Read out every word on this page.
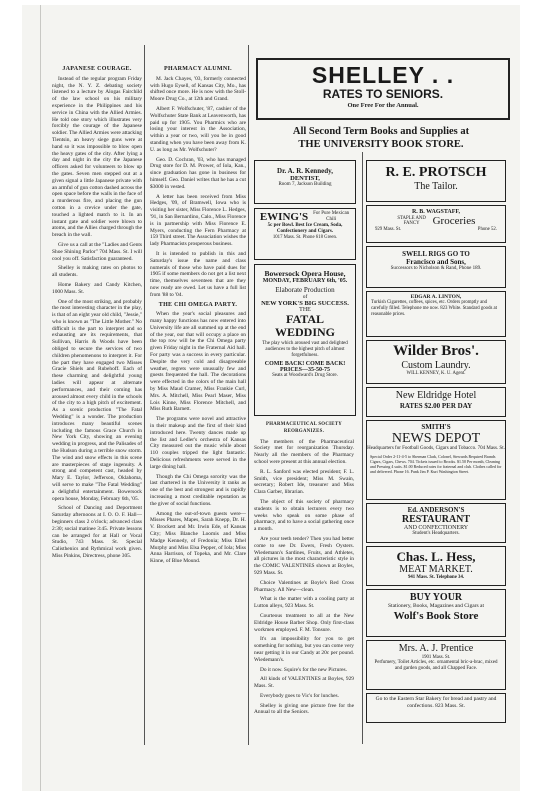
JAPANESE COURAGE.

Instead of the regular program Friday night, the N. Y. Z. debating society listened to a lecture by Alogas Fairchild of the law school on his military experience in the Philippines and his service in China with the Allied Armies. He told one story which illustrates very forcibly the courage of the Japanese soldier. The Allied Armies were attacking Tientsin, an heavy siege guns were at hand so it was impossible to blow open the heavy gates of the city. After lying a day and night in the city the Japanese officers asked for volunteers to blow up the gates. Seven men stepped out at a given signal a little Japanese private with an armful of gun cotton dashed across the open space before the walls in the face of a murderous fire, and placing the gun cotton in a crevice under the gate, touched a lighted match to it. In an instant gate and soldier were blown to atoms, and the Allies charged through the breach in the wall.

Give us a call at the "Ladies and Gents Shoe Shining Parlor" 704 Mass. St. I will cool you off. Satisfaction guaranteed.

Shelley is making rates on photos to all students.

Home Bakery and Candy Kitchen, 1000 Mass. St.

One of the most striking, and probably the most interesting character in the play, is that of an eight year old child, "Jessie," who is known as "The Little Mother." No difficult is the part to interpret and so exhausting are its requirements, that Sullivan, Harris & Woods have been obliged to secure the services of two children phenomenons to interpret it. For the part they have engaged two Misses Gracie Shiels and Rubehoff. Each of these charming and delightful young ladies will appear at alternate performances, and their coming has aroused almost every child in the schools of the city to a high pitch of excitement. As a scenic production "The Fatal Wedding" is a wonder. The production introduces many beautiful scenes including the famous Grace Church in New York City, showing an evening wedding in progress, and the Palisades of the Hudson during a terrible snow storm. The wind and snow effects in this scene are masterpieces of stage ingenuity. A strong and competent cast, headed by Mary E. Taylor, Jefferson, Oklahoma, will serve to make "The Fatal Wedding" a delightful entertainment. Bowersock opera house, Monday, February 6th, '05.

School of Dancing and Deportment Saturday afternoons at I. O. O. F. Hall—beginners class 2 o'clock; advanced class 2:30; social matinee 3:45. Private lessons can be arranged for at Hall or Vocal Studio, 743 Mass. St. Special Calisthenics and Rythmical work given. Miss Pinkins, Directress, phone 305.

PHARMACY ALUMNI.

M. Jack Chayes, '03, formerly connected with Hugo Eysell, of Kansas City, Mo., has shifted once more. He is now with the Stoll-Moore Drug Co., at 12th and Grand.

Albert F. Wolfschuter, '87, cashier of the Wolfschuter State Bank at Leavenworth, has paid up for 1905. You Pharmics who are losing your interest in the Association, within a year or two, will you be in good standing when you have been away from K. U. as long as Mr. Wolfschuter?

Geo. D. Cochran, '03, who has managed Drug store for D. M. Prower, of Iola, Kan., since graduation has gone in business for himself. Geo. Daniel writes that he has a cut $3000 in vested.

A letter has been received from Miss Hedges, '09, of Bramwell, Iowa who is visiting her sister, Miss Florence L. Hedges, '91, in San Bernardino, Calo., Miss Florence is in partnership with Miss Florence E. Myers, conducting the Fern Pharmacy at 159 Third street. The Association wishes the lady Pharmacists prosperous business.

It is intended to publish in this and Saturday's issue the name and class numerals of those who have paid dues for 1905 if some members do not get a list next time, themselves seventeen that are they now ready are owed. Let us have a full list from '88 to '04.

THE CHI OMEGA PARTY.

When the year's social pleasures and many happy functions has now entered into University life are all summed up at the end of the year, our that will occupy a place on the top row will be the Chi Omega party given Friday night in the Fraternal Aid hall. For party was a success in every particular. Despite the very cold and disagreeable weather, regrets were unusually few and guests frequented the hall. The decorations were effected in the colors of the main hall by Miss Maud Cramer, Miss Frankie Curl, Mrs. A. Mitchell, Miss Pearl Maser, Miss Lois Kinne, Miss Florence Mitchell, and Miss Ruth Barnett.

The programs were novel and attractive in their makeup and the first of their kind introduced here. Twenty dances made up the list and Ledler's orchestra of Kansas City measured out the music while about 110 couples tripped the light fantastic. Delicious refreshments were served in the large dining hall.

Though the Chi Omega sorority was the last chartered in the University it ranks as one of the best and strongest and is rapidly increasing a most creditable reputation as the giver of social functions.

Among the out-of-town guests were—Misses Phares, Mapes, Sarah Knepp, Dr. H. V. Brockett and Mr. Irwin Ede, of Kansas City; Miss Blanche Loomis and Miss Madge Kennedy, of Fredonia; Miss Ethel Murphy and Miss Elsa Pepper, of Iola; Miss Anna Harrison, of Topeka, and Mr. Clare Kinne, of Blue Mound.

SHELLEY . .
RATES TO SENIORS.
One Free For the Annual.
All Second Term Books and Supplies at
THE UNIVERSITY BOOK STORE.
Dr. A. R. Kennedy,
DENTIST,
Room 7, Jackson Building
EWING'S For Pure Mexican Chili
5c per Bowl. Best Ice Cream, Soda, Confectionery and Cigars.
1017 Mass. St. Phone 618 Green.
Bowersock Opera House,
MONDAY, FEBRUARY 6th, '05.
Elaborate Production
of
NEW YORK'S BIG SUCCESS.
THE
FATAL WEDDING
The play which aroused vast and delighted audiences to the highest pitch of almost forgetfulness.
COME BACK! COME BACK!
PRICES—35-50-75
Seats at Woodward's Drug Store.
PHARMACEUTICAL SOCIETY REORGANIZES.

The members of the Pharmaceutical Society met for reorganization Thursday. Nearly all the members of the Pharmacy school were present at this annual election.

R. L. Sanford was elected president; F. L. Smith, vice president; Miss M. Swain, secretary; Robert Ide, treasurer and Miss Clara Garber, librarian.

The object of this society of pharmacy students is to obtain lecturers every two weeks who speak on some phase of pharmacy, and to have a social gathering once a month.

Are your teeth tender? Then you had better come to see Dr. Ewers, Fresh Oysters. Wiedemann's Sardines, Fruits, and Athletes, all pictures in the most characteristic style in the COMIC VALENTINES shown at Boyles, 929 Mass. St.

Choice Valentines at Boyle's Red Cross Pharmacy. All New—clean.

What is the matter with a cooling party at Lutton alleys, 923 Mass. St.

Courteous treatment to all at the New Eldridge House Barber Shop. Only first-class workmen employed. F. M. Tonsure.

It's an impossibility for you to get something for nothing, but you can come very near getting it in our Candy at 20c per pound. Wiedemann's.

Do it now. Squire's for the new Pictures.

All kinds of VALENTINES at Boyles, 929 Mass. St.

Everybody goes to Vic's for lunches.

Shelley is giving one picture free for the Annual to all the Seniors.

R. E. PROTSCH
The Tailor.
R. B. WAGSTAFF,
STAPLE AND FANCY	Groceries
929 Mass. St.	Phone 52.
SWELL RIGS GO TO
Francisco and Sons,
Successors to Nicholson & Rand, Phone 189.
EDGAR A. LINTON,
Turkish Cigarettes, coffees, spices, etc. Orders promptly and carefully filled. Telephone me now. 823 White. Standard goods at reasonable prices.
Wilder Bros'.
Custom Laundry.
WILL KENNEY, K. U. Agent.
New Eldridge Hotel
RATES $2.00 PER DAY
SMITH'S
NEWS DEPOT
Headquarters for Football Goods, Cigars and Tobacco. 704 Mass. St.
Special Order 2-11-4-5 to Sherman Clark, Colonel, Stewards Required Brands Cigars, Cigars, Chews. 704. Tickets issued to Brooks. $1.50 Per month, Cleaning and Pressing 4 suits. $1.00 Reduced rates for fraternal and club. Clothes called for and delivered. Phone 16. Punk Jim P. Kurt Washington Street.
Ed. ANDERSON'S
RESTAURANT
AND CONFECTIONERY
Student's Headquarters.
Chas. L. Hess,
MEAT MARKET.
941 Mass. St. Telephone 34.
BUY YOUR
Stationery, Books, Magazines and Cigars at
Wolf's Book Store
Mrs. A. J. Prentice
1901 Mass. St.
Perfumery, Toilet Articles, etc. ornamental bric-a-brac, mixed and garden goods, and all Chapped Face.
Go to the Eastern Star Bakery for bread and pastry and confections. 823 Mass. St.
